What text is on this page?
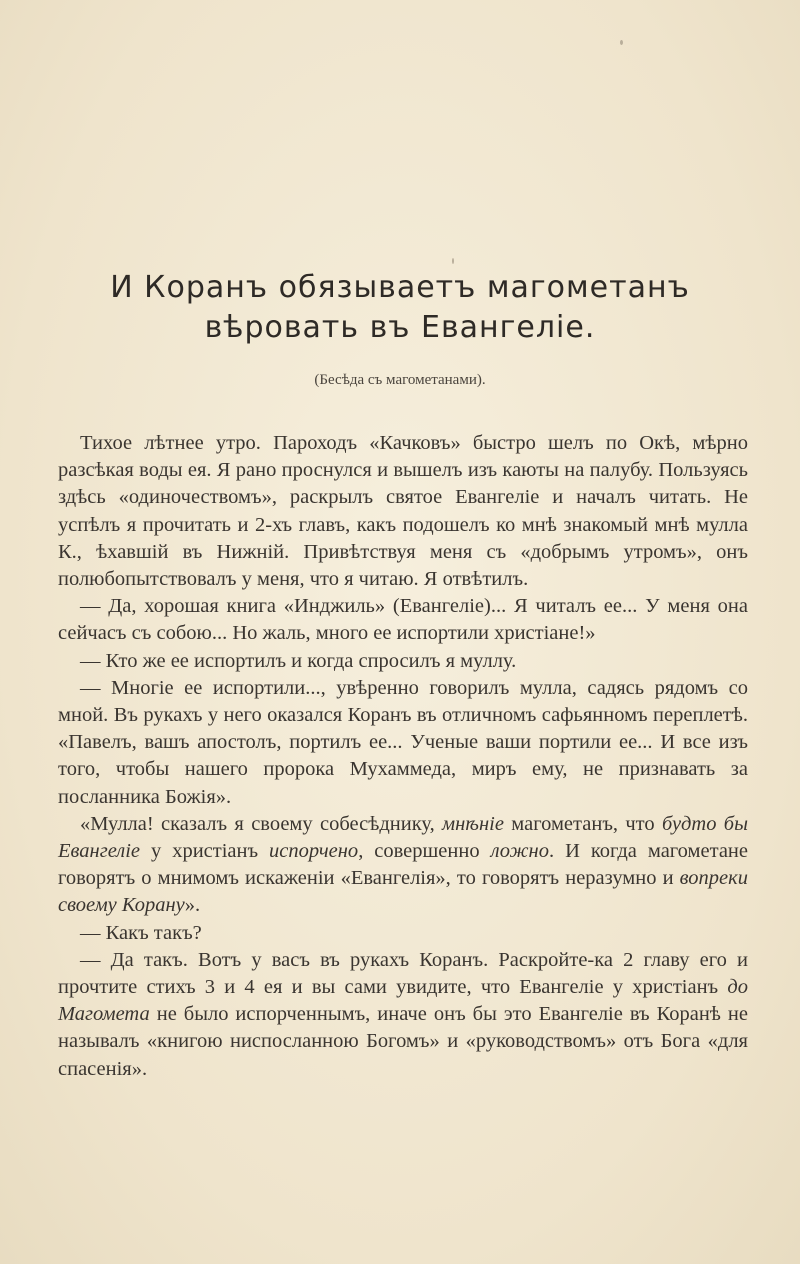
И Коранъ обязываетъ магометанъ
вѣровать въ Евангеліе.
(Бесѣда съ магометанами).

Тихое лѣтнее утро. Пароходъ «Качковъ» быстро шелъ по Окѣ, мѣрно разсѣкая воды ея. Я рано проснулся и вышелъ изъ каюты на палубу. Пользуясь здѣсь «одиночествомъ», раскрылъ святое Евангеліе и началъ читать. Не успѣлъ я прочитать и 2-хъ главъ, какъ подошелъ ко мнѣ знакомый мнѣ мулла К., ѣхавшій въ Нижній. Привѣтствуя меня съ «добрымъ утромъ», онъ полюбопытствовалъ у меня, что я читаю. Я отвѣтилъ.

— Да, хорошая книга «Инджиль» (Евангеліе)... Я читалъ ее... У меня она сейчасъ съ собою... Но жаль, много ее испортили христіане!»

— Кто же ее испортилъ и когда спросилъ я муллу.

— Многіе ее испортили..., увѣренно говорилъ мулла, садясь рядомъ со мной. Въ рукахъ у него оказался Коранъ въ отличномъ сафьянномъ переплетѣ. «Павелъ, вашъ апостолъ, портилъ ее... Ученые ваши портили ее... И все изъ того, чтобы нашего пророка Мухаммеда, миръ ему, не признавать за посланника Божія».

«Мулла! сказалъ я своему собесѣднику, мнѣніе магометанъ, что будто бы Евангеліе у христіанъ испорчено, совершенно ложно. И когда магометане говорятъ о мнимомъ искаженіи «Евангелія», то говорятъ неразумно и вопреки своему Корану».

— Какъ такъ?

— Да такъ. Вотъ у васъ въ рукахъ Коранъ. Раскройте-ка 2 главу его и прочтите стихъ 3 и 4 ея и вы сами увидите, что Евангеліе у христіанъ до Магомета не было испорченнымъ, иначе онъ бы это Евангеліе въ Коранѣ не называлъ «книгою ниспосланною Богомъ» и «руководствомъ» отъ Бога «для спасенія».
